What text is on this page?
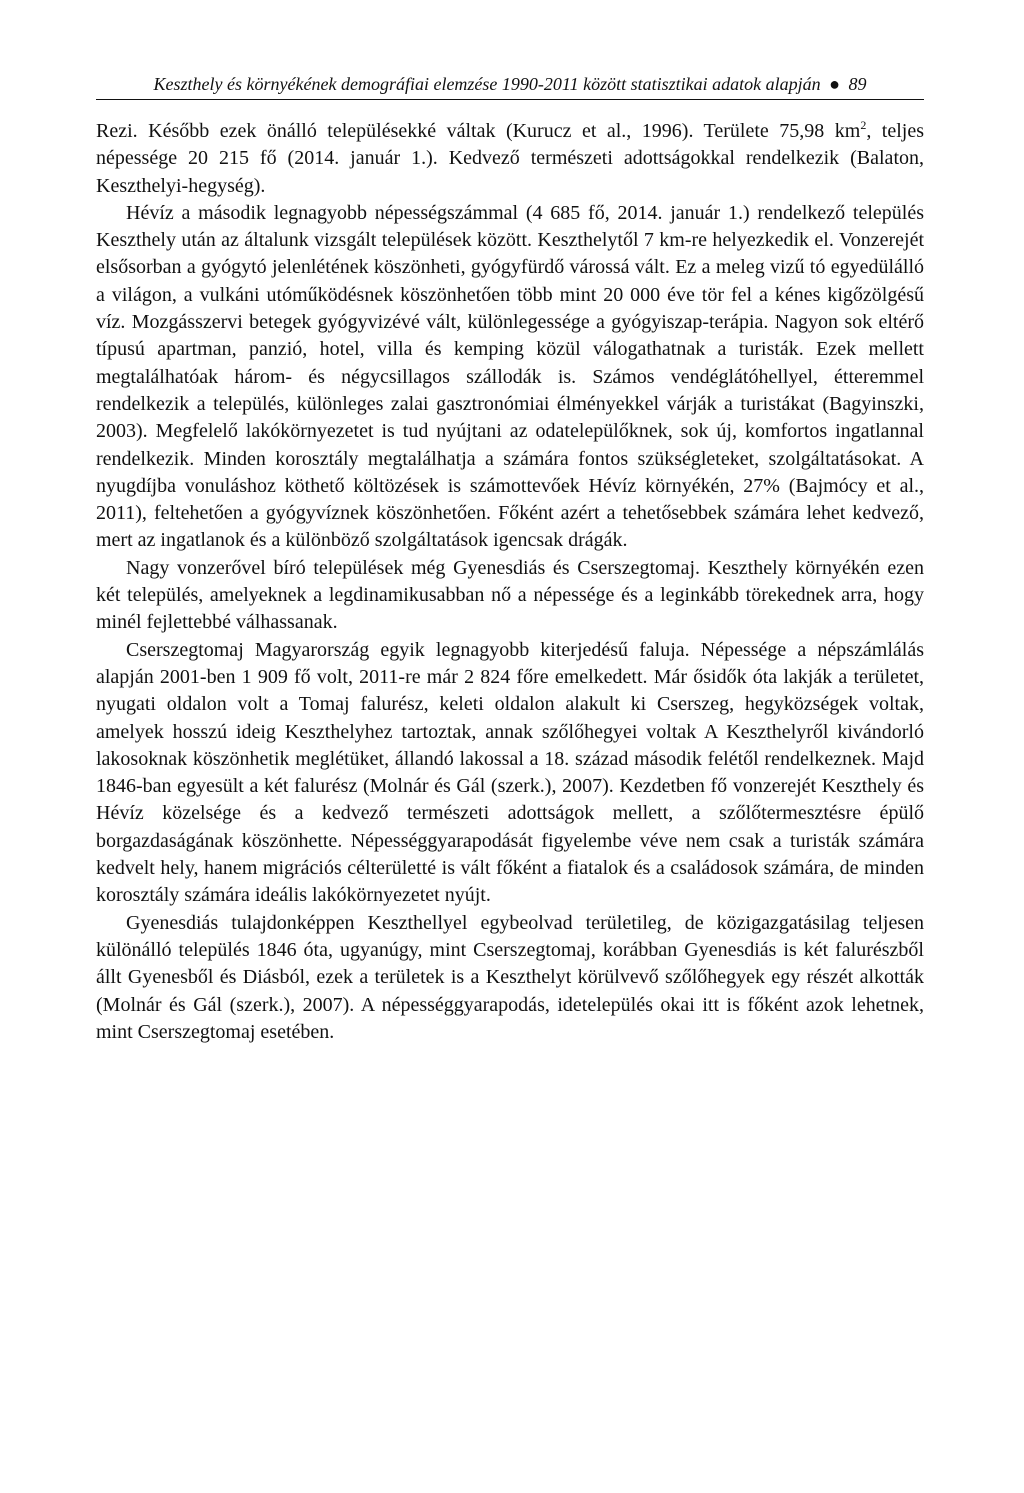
Keszthely és környékének demográfiai elemzése 1990-2011 között statisztikai adatok alapján ● 89

Rezi. Később ezek önálló településekké váltak (Kurucz et al., 1996). Területe 75,98 $km^2$, teljes népessége 20 215 fő (2014. január 1.). Kedvező természeti adottságokkal rendelkezik (Balaton, Keszthelyi-hegység).

Hévíz a második legnagyobb népességszámmal (4 685 fő, 2014. január 1.) rendelkező település Keszthely után az általunk vizsgált települések között. Keszthelytől 7 km-re helyezkedik el. Vonzerejét elsősorban a gyógytó jelenlétének köszönheti, gyógyfürdő várossá vált. Ez a meleg vizű tó egyedülálló a világon, a vulkáni utóműködésnek köszönhetően több mint 20 000 éve tör fel a kénes kigőzölgésű víz. Mozgásszervi betegek gyógyvizévé vált, különlegessége a gyógyiszap-terápia. Nagyon sok eltérő típusú apartman, panzió, hotel, villa és kemping közül válogathatnak a turisták. Ezek mellett megtalálhatóak három- és négycsillagos szállodák is. Számos vendéglátóhellyel, étteremmel rendelkezik a település, különleges zalai gasztronómiai élményekkel várják a turistákat (Bagyinszki, 2003). Megfelelő lakókörnyezetet is tud nyújtani az odatelepülőknek, sok új, komfortos ingatlannal rendelkezik. Minden korosztály megtalálhatja a számára fontos szükségleteket, szolgáltatásokat. A nyugdíjba vonuláshoz köthető költözések is számottevőek Hévíz környékén, 27% (Bajmócy et al., 2011), feltehetően a gyógyvíznek köszönhetően. Főként azért a tehetősebbek számára lehet kedvező, mert az ingatlanok és a különböző szolgáltatások igencsak drágák.

Nagy vonzerővel bíró települések még Gyenesdiás és Cserszegtomaj. Keszthely környékén ezen két település, amelyeknek a legdinamikusabban nő a népessége és a leginkább törekednek arra, hogy minél fejlettebbé válhassanak.

Cserszegtomaj Magyarország egyik legnagyobb kiterjedésű faluja. Népessége a népszámlálás alapján 2001-ben 1 909 fő volt, 2011-re már 2 824 főre emelkedett. Már ősidők óta lakják a területet, nyugati oldalon volt a Tomaj falurész, keleti oldalon alakult ki Cserszeg, hegyközségek voltak, amelyek hosszú ideig Keszthelyhez tartoztak, annak szőlőhegyei voltak A Keszthelyről kivándorló lakosoknak köszönhetik meglétüket, állandó lakossal a 18. század második felétől rendelkeznek. Majd 1846-ban egyesült a két falurész (Molnár és Gál (szerk.), 2007). Kezdetben fő vonzerejét Keszthely és Hévíz közelsége és a kedvező természeti adottságok mellett, a szőlőtermesztésre épülő borgazdaságának köszönhette. Népességgyarapodását figyelembe véve nem csak a turisták számára kedvelt hely, hanem migrációs célterületté is vált főként a fiatalok és a családosok számára, de minden korosztály számára ideális lakókörnyezetet nyújt.

Gyenesdiás tulajdonképpen Keszthellyel egybeolvad területileg, de közigazgatásilag teljesen különálló település 1846 óta, ugyanúgy, mint Cserszegtomaj, korábban Gyenesdiás is két falurészből állt Gyenesből és Diásból, ezek a területek is a Keszthelyt körülvevő szőlőhegyek egy részét alkották (Molnár és Gál (szerk.), 2007). A népességgyarapodás, idetelepülés okai itt is főként azok lehetnek, mint Cserszegtomaj esetében.
